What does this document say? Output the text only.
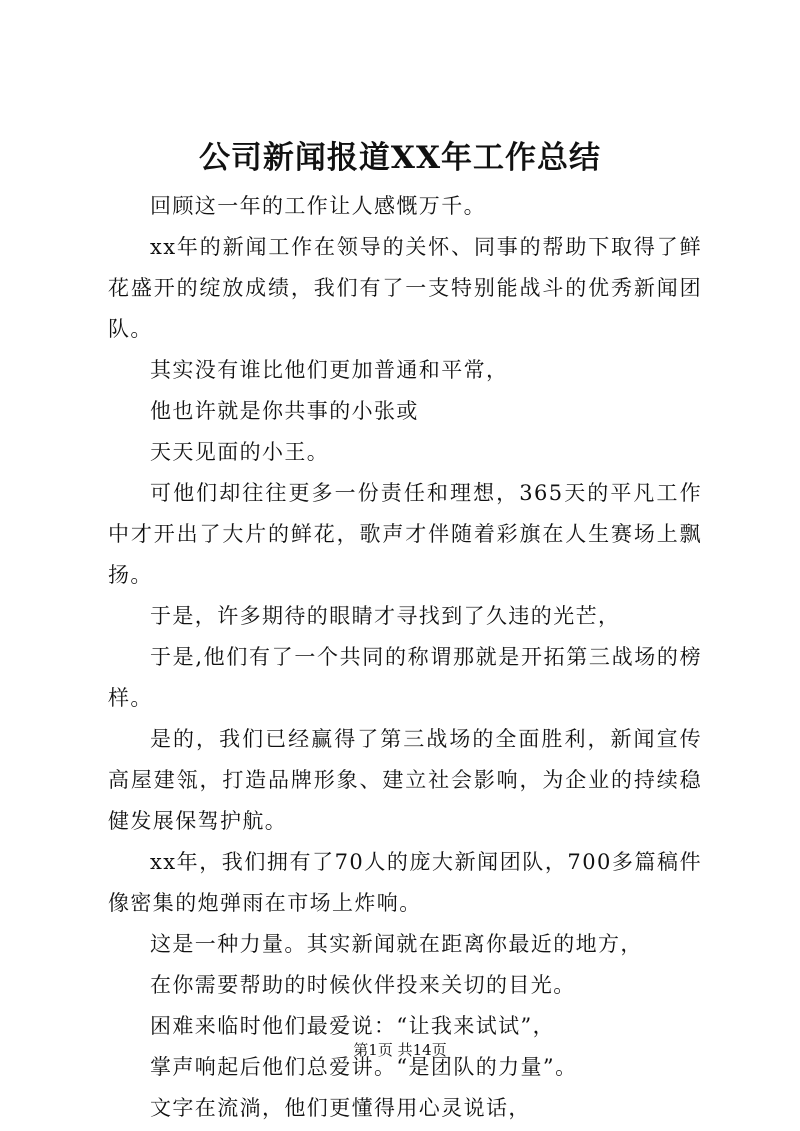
公司新闻报道XX年工作总结

回顾这一年的工作让人感慨万千。

xx年的新闻工作在领导的关怀、同事的帮助下取得了鲜花盛开的绽放成绩，我们有了一支特别能战斗的优秀新闻团队。

其实没有谁比他们更加普通和平常，

他也许就是你共事的小张或

天天见面的小王。

可他们却往往更多一份责任和理想，365天的平凡工作中才开出了大片的鲜花，歌声才伴随着彩旗在人生赛场上飘扬。

于是，许多期待的眼睛才寻找到了久违的光芒，

于是,他们有了一个共同的称谓那就是开拓第三战场的榜样。

是的，我们已经赢得了第三战场的全面胜利，新闻宣传高屋建瓴，打造品牌形象、建立社会影响，为企业的持续稳健发展保驾护航。

xx年，我们拥有了70人的庞大新闻团队，700多篇稿件像密集的炮弹雨在市场上炸响。

这是一种力量。其实新闻就在距离你最近的地方，

在你需要帮助的时候伙伴投来关切的目光。

困难来临时他们最爱说：“让我来试试”，

掌声响起后他们总爱讲。“是团队的力量”。

文字在流淌，他们更懂得用心灵说话，

第1页 共14页
